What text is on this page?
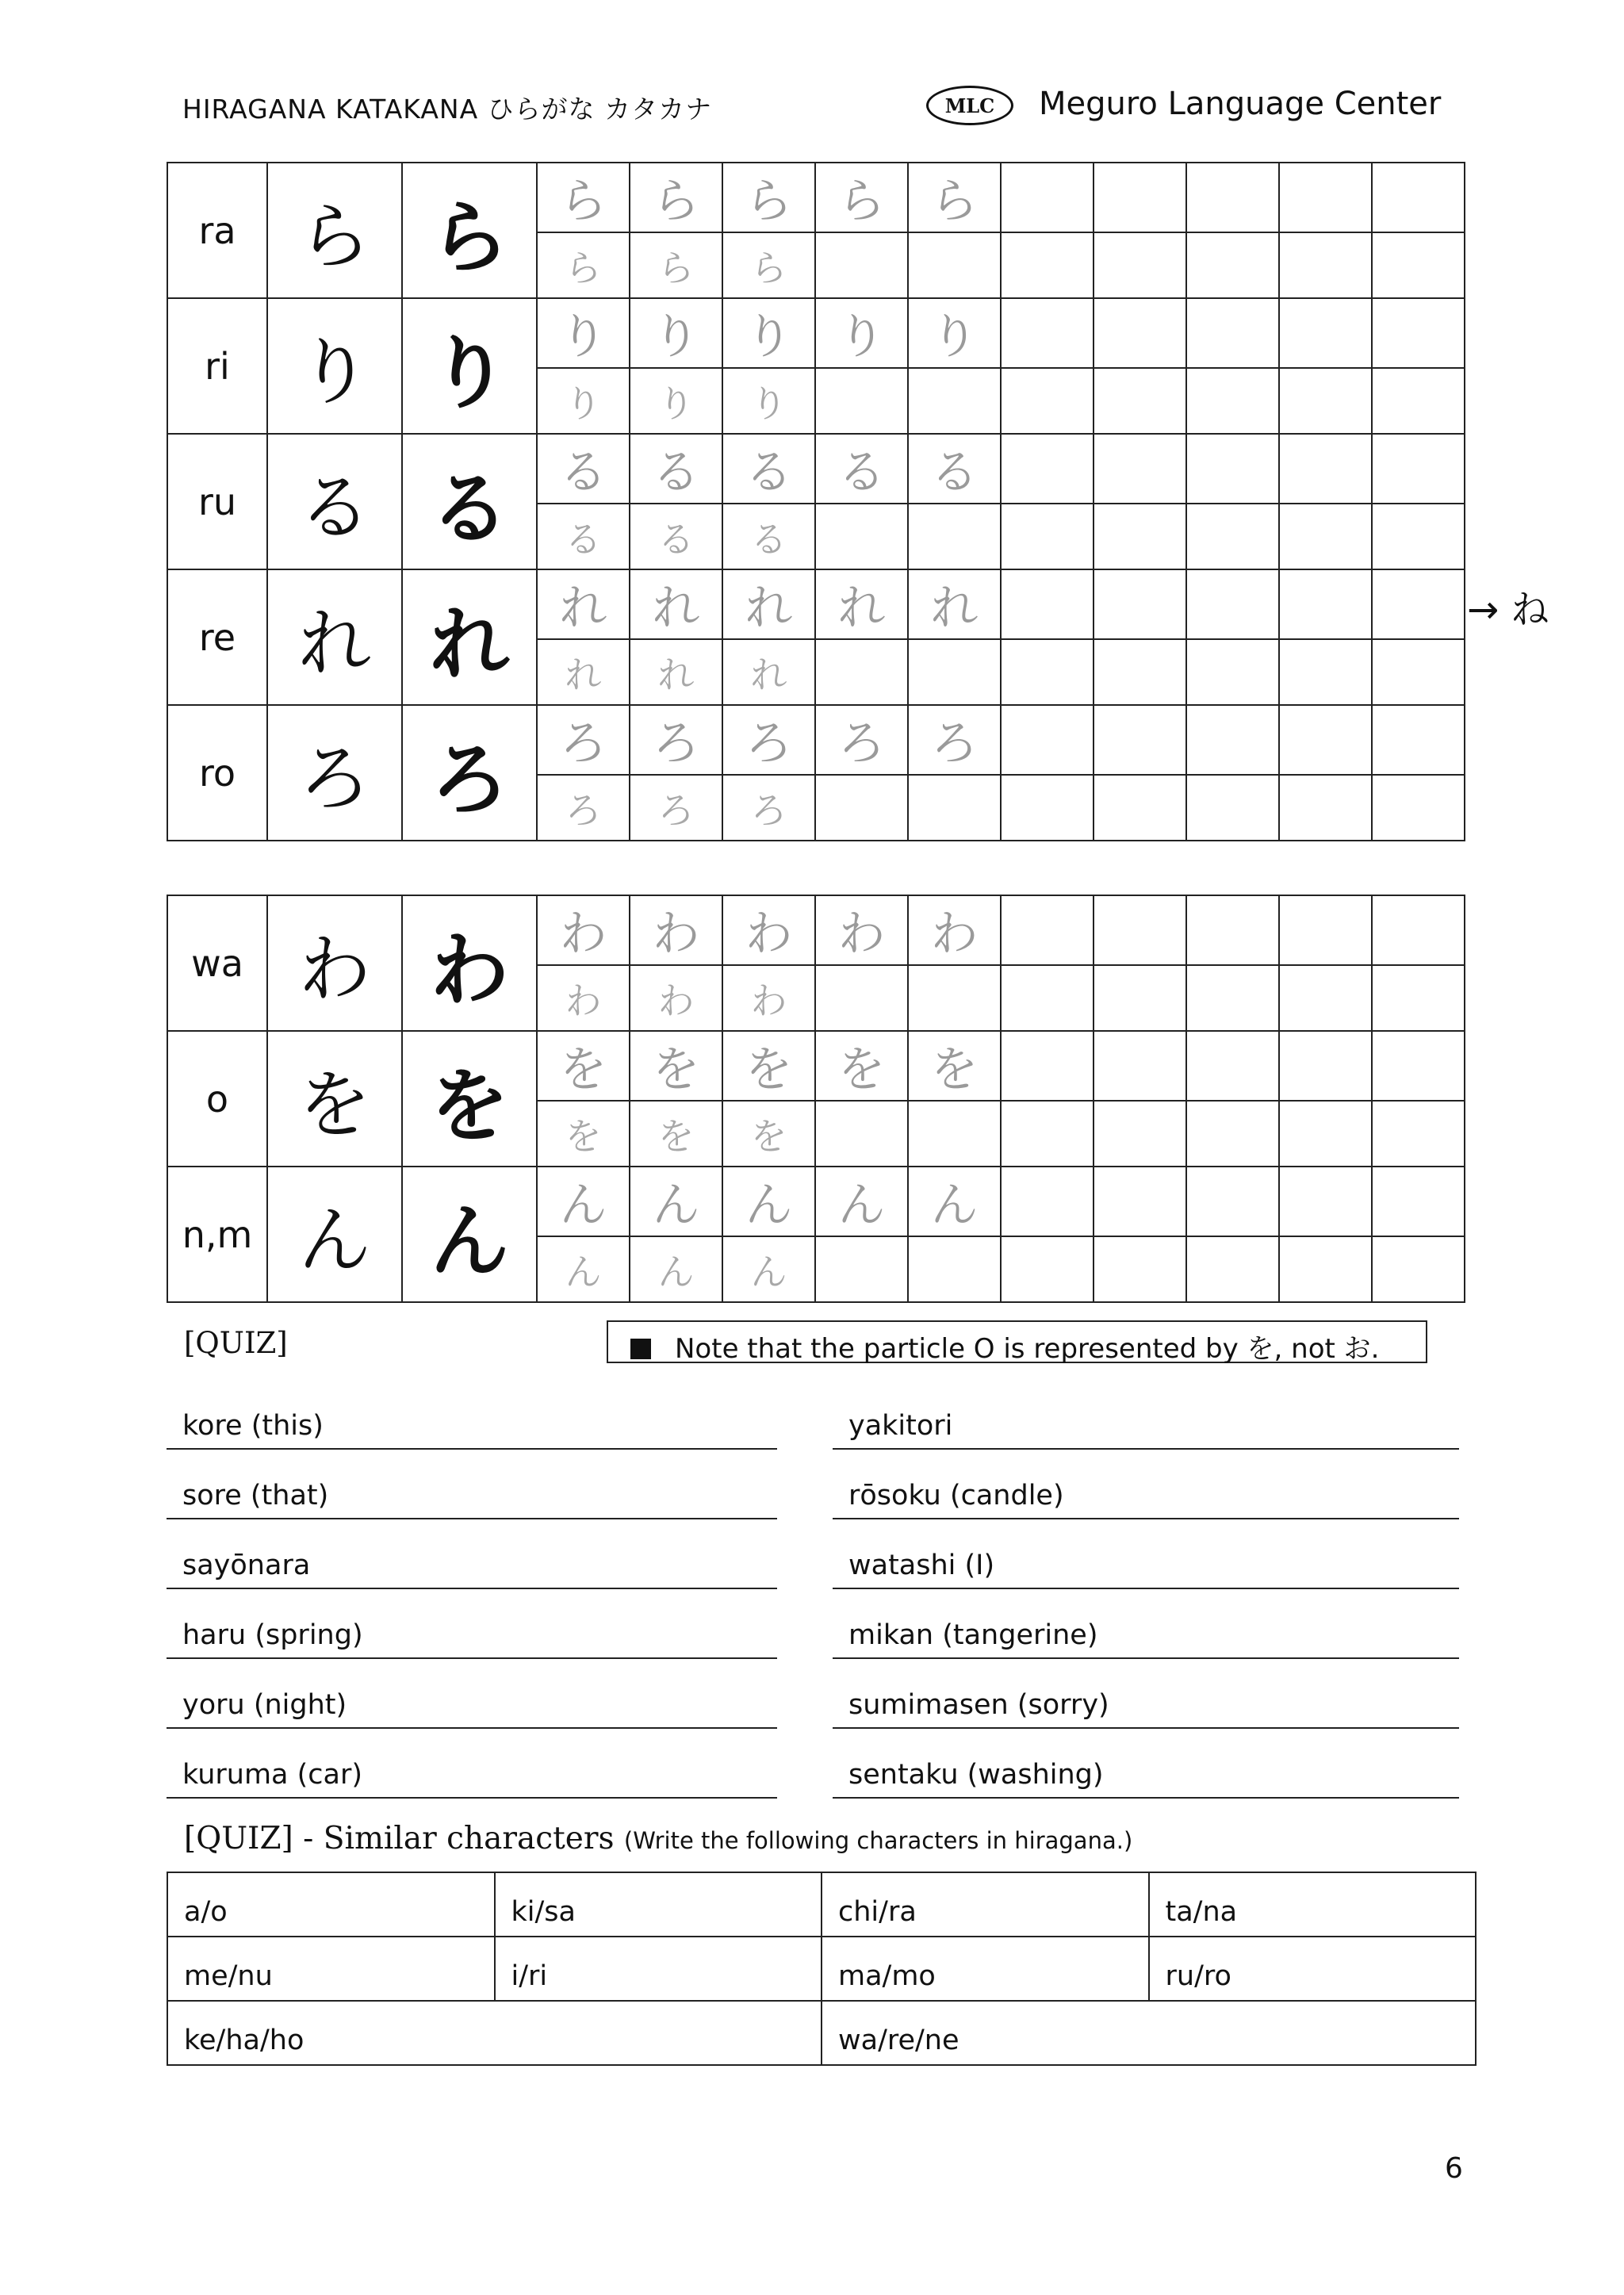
HIRAGANA KATAKANA ひらがな カタカナ	MLC	Meguro Language Center
ra	ら	ら	ら	ら	ら	ら	ら					
			ら	ら	ら							
ri	り	り	り	り	り	り	り					
			り	り	り							
ru	る	る	る	る	る	る	る					
			る	る	る							
re	れ	れ	れ	れ	れ	れ	れ					
			れ	れ	れ							
ro	ろ	ろ	ろ	ろ	ろ	ろ	ろ					
			ろ	ろ	ろ							
→ ね
wa	わ	わ	わ	わ	わ	わ	わ					
			わ	わ	わ							
o	を	を	を	を	を	を	を					
			を	を	を							
n,m	ん	ん	ん	ん	ん	ん	ん					
			ん	ん	ん							
[QUIZ]	Note that the particle O is represented by を, not お.
kore (this)
sore (that)
sayōnara
haru (spring)
yoru (night)
kuruma (car)
yakitori
rōsoku (candle)
watashi (I)
mikan (tangerine)
sumimasen (sorry)
sentaku (washing)
[QUIZ] - Similar characters (Write the following characters in hiragana.)
a/o	ki/sa	chi/ra	ta/na
me/nu	i/ri	ma/mo	ru/ro
ke/ha/ho		wa/re/ne	
6
